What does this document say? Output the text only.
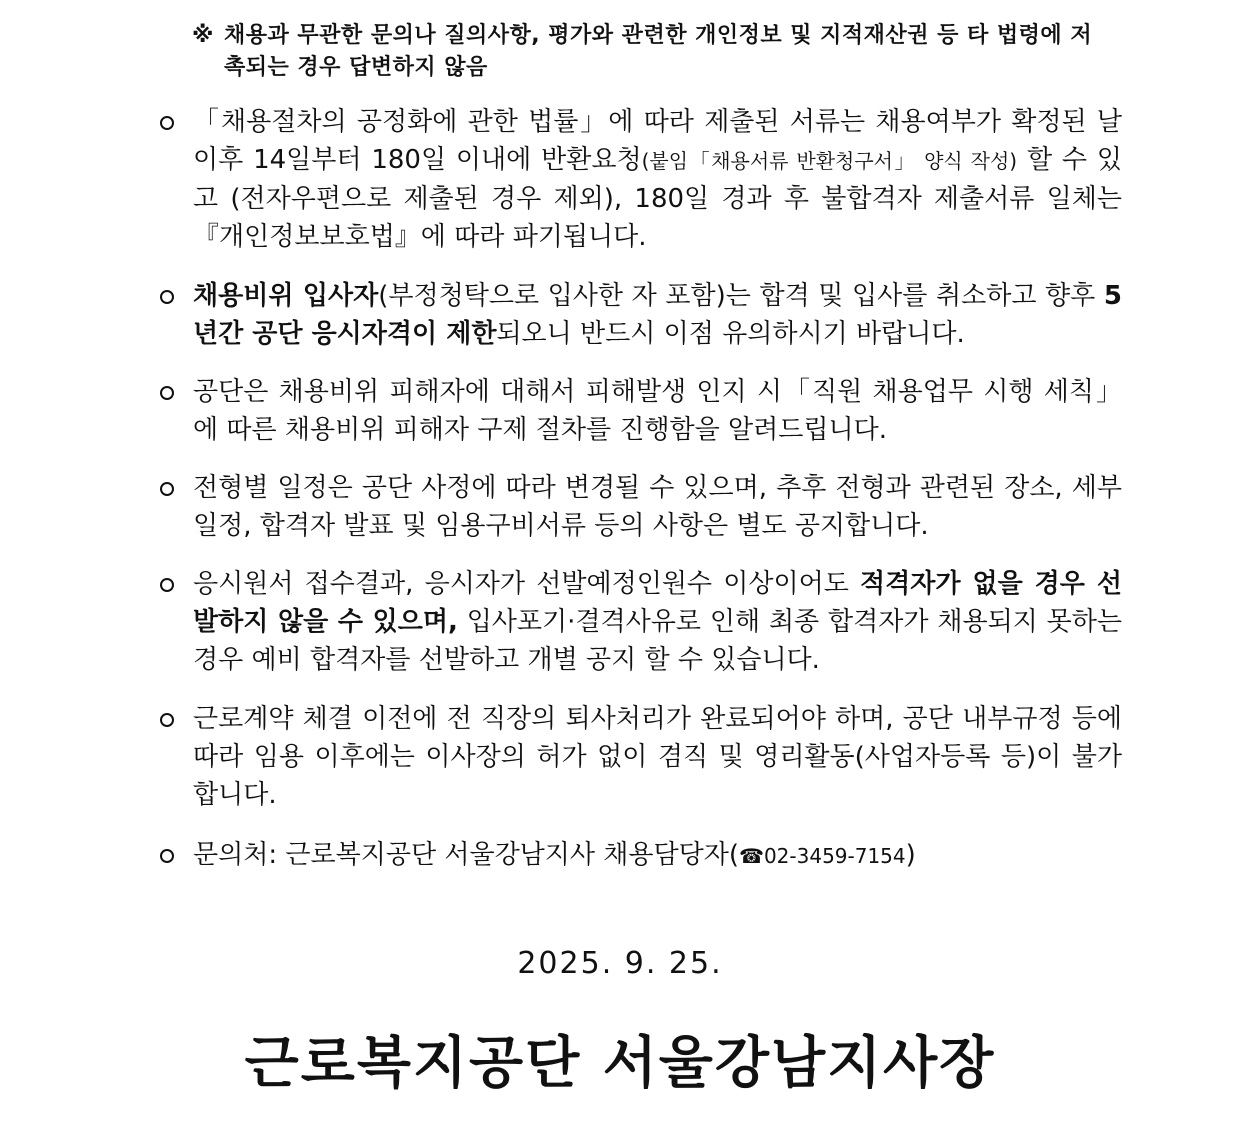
※ 채용과 무관한 문의나 질의사항, 평가와 관련한 개인정보 및 지적재산권 등 타 법령에 저
촉되는 경우 답변하지 않음
「채용절차의 공정화에 관한 법률」에 따라 제출된 서류는 채용여부가 확정된 날 이후 14일부터 180일 이내에 반환요청(붙임「채용서류 반환청구서」 양식 작성) 할 수 있고 (전자우편으로 제출된 경우 제외), 180일 경과 후 불합격자 제출서류 일체는『개인정보보호법』에 따라 파기됩니다.
채용비위 입사자(부정청탁으로 입사한 자 포함)는 합격 및 입사를 취소하고 향후 5년간 공단 응시자격이 제한되오니 반드시 이점 유의하시기 바랍니다.
공단은 채용비위 피해자에 대해서 피해발생 인지 시「직원 채용업무 시행 세칙」에 따른 채용비위 피해자 구제 절차를 진행함을 알려드립니다.
전형별 일정은 공단 사정에 따라 변경될 수 있으며, 추후 전형과 관련된 장소, 세부 일정, 합격자 발표 및 임용구비서류 등의 사항은 별도 공지합니다.
응시원서 접수결과, 응시자가 선발예정인원수 이상이어도 적격자가 없을 경우 선발하지 않을 수 있으며, 입사포기·결격사유로 인해 최종 합격자가 채용되지 못하는 경우 예비 합격자를 선발하고 개별 공지 할 수 있습니다.
근로계약 체결 이전에 전 직장의 퇴사처리가 완료되어야 하며, 공단 내부규정 등에 따라 임용 이후에는 이사장의 허가 없이 겸직 및 영리활동(사업자등록 등)이 불가합니다.
문의처: 근로복지공단 서울강남지사 채용담당자(☎02-3459-7154)
2025. 9. 25.
근로복지공단 서울강남지사장
